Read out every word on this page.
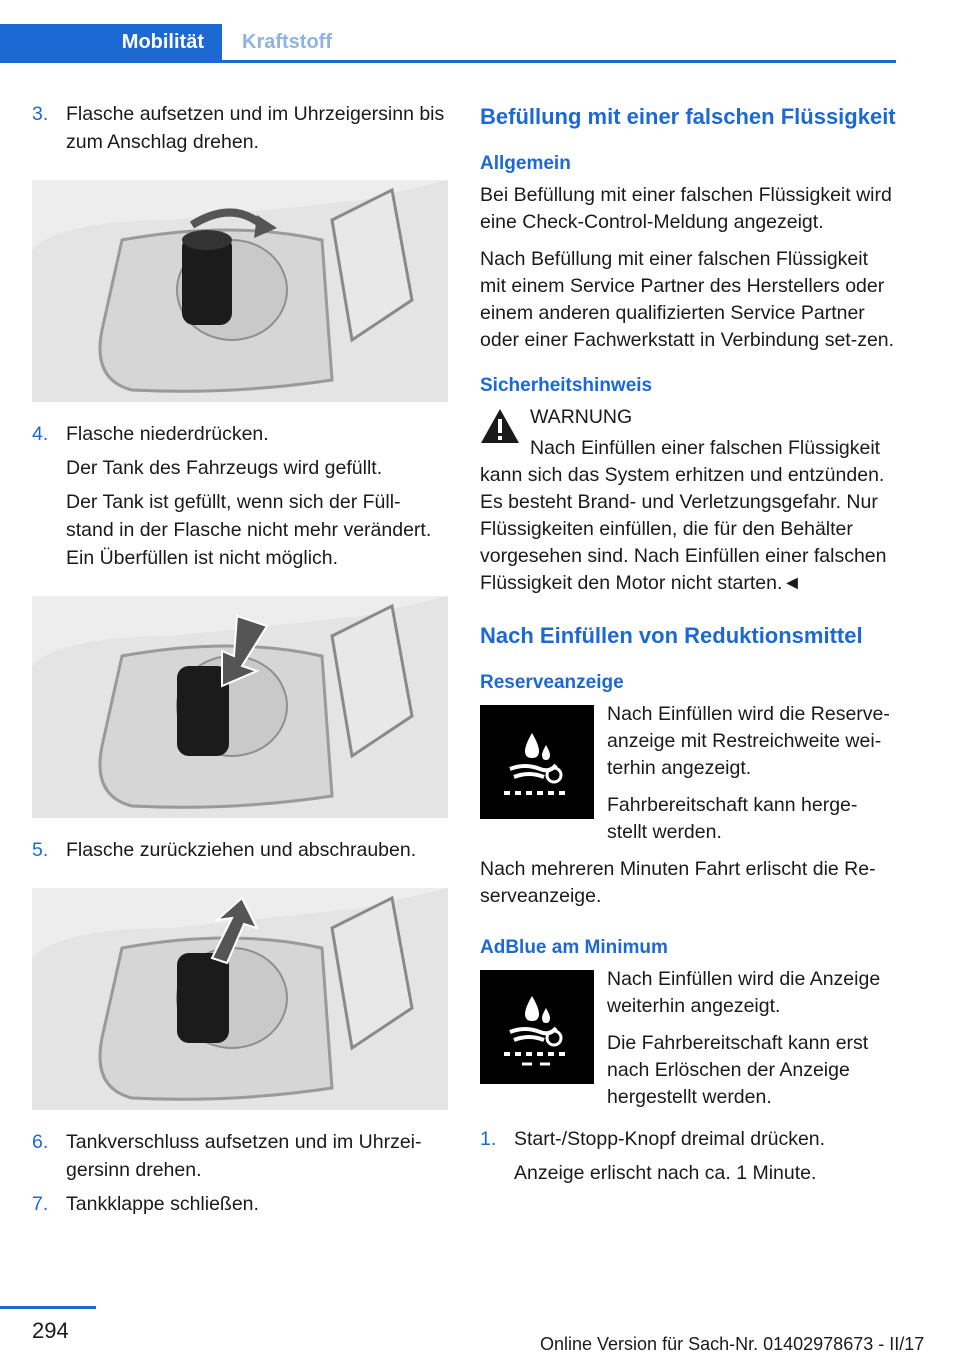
Mobilität	Kraftstoff
3. Flasche aufsetzen und im Uhrzeigersinn bis zum Anschlag drehen.

4. Flasche niederdrücken.

Der Tank des Fahrzeugs wird gefüllt.

Der Tank ist gefüllt, wenn sich der Füll-stand in der Flasche nicht mehr verändert. Ein Überfüllen ist nicht möglich.

5. Flasche zurückziehen und abschrauben.

6. Tankverschluss aufsetzen und im Uhrzei-gersinn drehen.

7. Tankklappe schließen.

Befüllung mit einer falschen Flüssigkeit
Allgemein

Bei Befüllung mit einer falschen Flüssigkeit wird eine Check-Control-Meldung angezeigt.

Nach Befüllung mit einer falschen Flüssigkeit mit einem Service Partner des Herstellers oder einem anderen qualifizierten Service Partner oder einer Fachwerkstatt in Verbindung set-zen.

Sicherheitshinweis

WARNUNG

Nach Einfüllen einer falschen Flüssigkeit kann sich das System erhitzen und entzünden. Es besteht Brand- und Verletzungsgefahr. Nur Flüssigkeiten einfüllen, die für den Behälter vorgesehen sind. Nach Einfüllen einer falschen Flüssigkeit den Motor nicht starten.◄

Nach Einfüllen von Reduktionsmittel
Reserveanzeige

Nach Einfüllen wird die Reserve-anzeige mit Restreichweite wei-terhin angezeigt.

Fahrbereitschaft kann herge-stellt werden.

Nach mehreren Minuten Fahrt erlischt die Re-serveanzeige.

AdBlue am Minimum

Nach Einfüllen wird die Anzeige weiterhin angezeigt.

Die Fahrbereitschaft kann erst nach Erlöschen der Anzeige hergestellt werden.

1. Start-/Stopp-Knopf dreimal drücken.

Anzeige erlischt nach ca. 1 Minute.

294
Online Version für Sach-Nr. 01402978673 - II/17
